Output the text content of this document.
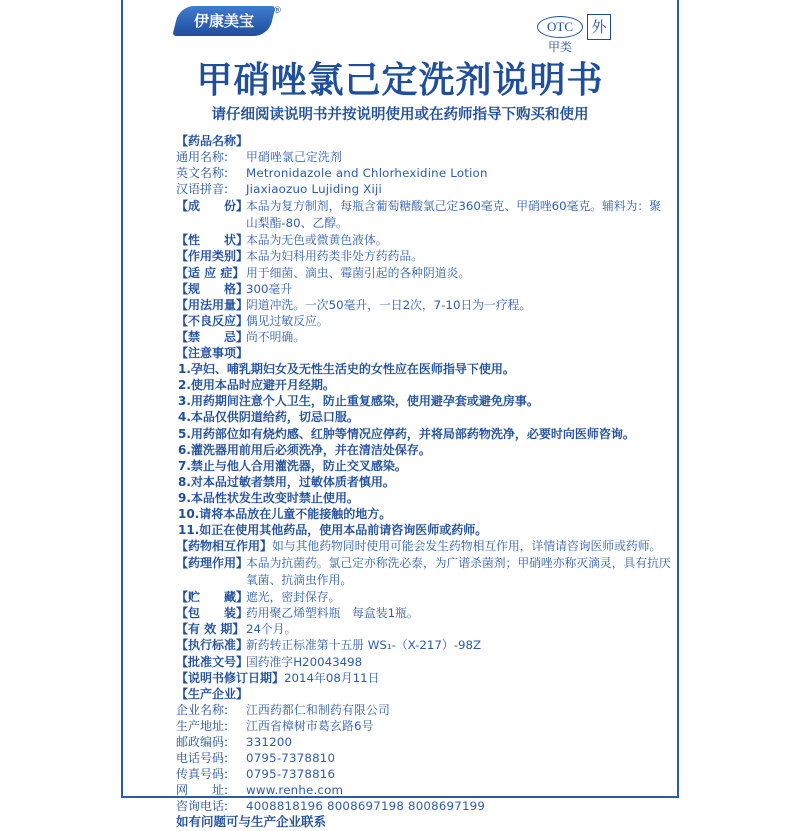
伊康美宝
®
OTC
甲类
外
甲硝唑氯己定洗剂说明书
请仔细阅读说明书并按说明使用或在药师指导下购买和使用
【药品名称】
通用名称:	甲硝唑氯己定洗剂
英文名称:	Metronidazole and Chlorhexidine Lotion
汉语拼音:	Jiaxiaozuo Lujiding Xiji
【成　　份】
本品为复方制剂，每瓶含葡萄糖酸氯己定360毫克、甲硝唑60毫克。辅料为：聚山梨酯-80、乙醇。
【性　　状】
本品为无色或微黄色液体。
【作用类别】
本品为妇科用药类非处方药药品。
【适 应 症】 用于细菌、滴虫、霉菌引起的各种阴道炎。
【规　　格】
300毫升
【用法用量】
阴道冲洗。一次50毫升，一日2次，7-10日为一疗程。
【不良反应】
偶见过敏反应。
【禁　　忌】
尚不明确。
【注意事项】
1.孕妇、哺乳期妇女及无性生活史的女性应在医师指导下使用。
2.使用本品时应避开月经期。
3.用药期间注意个人卫生，防止重复感染，使用避孕套或避免房事。
4.本品仅供阴道给药，切忌口服。
5.用药部位如有烧灼感、红肿等情况应停药，并将局部药物洗净，必要时向医师咨询。
6.灌洗器用前用后必须洗净，并在清洁处保存。
7.禁止与他人合用灌洗器，防止交叉感染。
8.对本品过敏者禁用，过敏体质者慎用。
9.本品性状发生改变时禁止使用。
10.请将本品放在儿童不能接触的地方。
11.如正在使用其他药品，使用本品前请咨询医师或药师。
【药物相互作用】 如与其他药物同时使用可能会发生药物相互作用，详情请咨询医师或药师。
【药理作用】
本品为抗菌药。氯己定亦称洗必泰，为广谱杀菌剂；甲硝唑亦称灭滴灵，具有抗厌氧菌、抗滴虫作用。
【贮　　藏】
遮光，密封保存。
【包　　装】
药用聚乙烯塑料瓶　每盒装1瓶。
【有 效 期】 24个月。
【执行标准】
新药转正标准第十五册 WS₁-（X-217）-98Z
【批准文号】
国药准字H20043498
【说明书修订日期】 2014年08月11日
【生产企业】
企业名称:	江西药都仁和制药有限公司
生产地址:	江西省樟树市葛玄路6号
邮政编码:	331200
电话号码:	0795-7378810
传真号码:	0795-7378816
网　　址:	www.renhe.com
咨询电话:	4008818196 8008697198 8008697199
如有问题可与生产企业联系
